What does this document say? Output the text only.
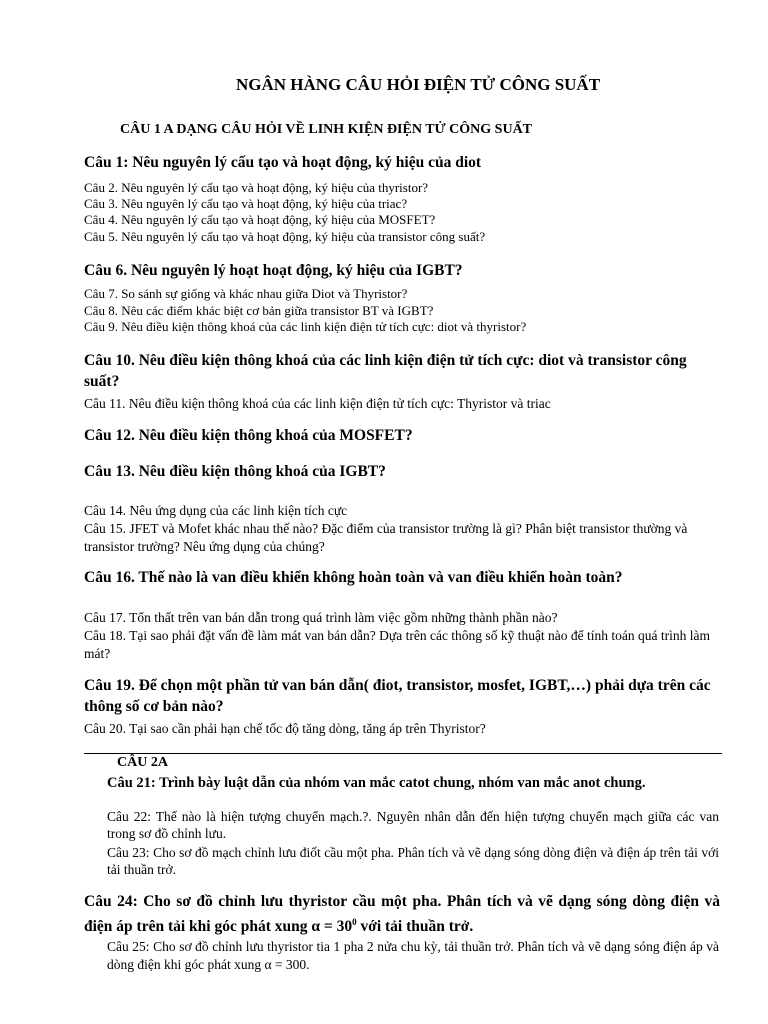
NGÂN HÀNG CÂU HỎI ĐIỆN TỬ CÔNG SUẤT
CÂU 1 A DẠNG CÂU HỎI VỀ LINH KIỆN ĐIỆN TỬ CÔNG SUẤT
Câu 1: Nêu nguyên lý cấu tạo và hoạt động, ký hiệu của diot
Câu 2. Nêu nguyên lý cấu tạo và hoạt động, ký hiệu của thyristor?
Câu 3. Nêu nguyên lý cấu tạo và hoạt động, ký hiệu của triac?
Câu 4. Nêu nguyên lý cấu tạo và hoạt động, ký hiệu của MOSFET?
Câu 5. Nêu nguyên lý cấu tạo và hoạt động, ký hiệu của transistor công suất?
Câu 6. Nêu nguyên lý hoạt hoạt động, ký hiệu của IGBT?
Câu 7. So sánh sự giống và khác nhau giữa Diot và Thyristor?
Câu 8. Nêu các điểm khác biệt cơ bản giữa transistor BT và IGBT?
Câu 9. Nêu điều kiện thông khoá của các linh kiện điện tử tích cực: diot và thyristor?
Câu 10. Nêu điều kiện thông khoá của các linh kiện điện tử tích cực: diot và transistor công suất?
Câu 11. Nêu điều kiện thông khoá của các linh kiện điện tử tích cực: Thyristor và triac
Câu 12. Nêu điều kiện thông khoá của MOSFET?
Câu 13. Nêu điều kiện thông khoá của IGBT?
Câu 14. Nêu ứng dụng của các linh kiện tích cực
Câu 15. JFET và Mofet khác nhau thế nào? Đặc điểm của transistor trường là gì? Phân biệt transistor thường và transistor trường? Nêu ứng dụng của chúng?
Câu 16. Thế nào là van điều khiển không hoàn toàn và van điều khiển hoàn toàn?
Câu 17. Tổn thất trên van bán dẫn trong quá trình làm việc gồm những thành phần nào?
Câu 18. Tại sao phải đặt vấn đề làm mát van bán dẫn? Dựa trên các thông số kỹ thuật nào để tính toán quá trình làm mát?
Câu 19. Để chọn một phần tử van bán dẫn( điot, transistor, mosfet, IGBT,…) phải dựa trên các thông số cơ bản nào?
Câu 20. Tại sao cần phải hạn chế tốc độ tăng dòng, tăng áp trên Thyristor?
CÂU 2A
Câu 21: Trình bày luật dẫn của nhóm van mắc catot chung, nhóm van mắc anot chung.
Câu 22: Thế nào là hiện tượng chuyển mạch.?. Nguyên nhân dẫn đến hiện tượng chuyển mạch giữa các van trong sơ đồ chỉnh lưu.
Câu 23: Cho sơ đồ mạch chỉnh lưu điốt cầu một pha. Phân tích và vẽ dạng sóng dòng điện và điện áp trên tải với tải thuần trở.
Câu 24: Cho sơ đồ chỉnh lưu thyristor cầu một pha. Phân tích và vẽ dạng sóng dòng điện và điện áp trên tải khi góc phát xung $\alpha = 30^0$ với tải thuần trở.
Câu 25: Cho sơ đồ chỉnh lưu thyristor tia 1 pha 2 nửa chu kỳ, tải thuần trở. Phân tích và vẽ dạng sóng điện áp và dòng điện khi góc phát xung α = 300.
